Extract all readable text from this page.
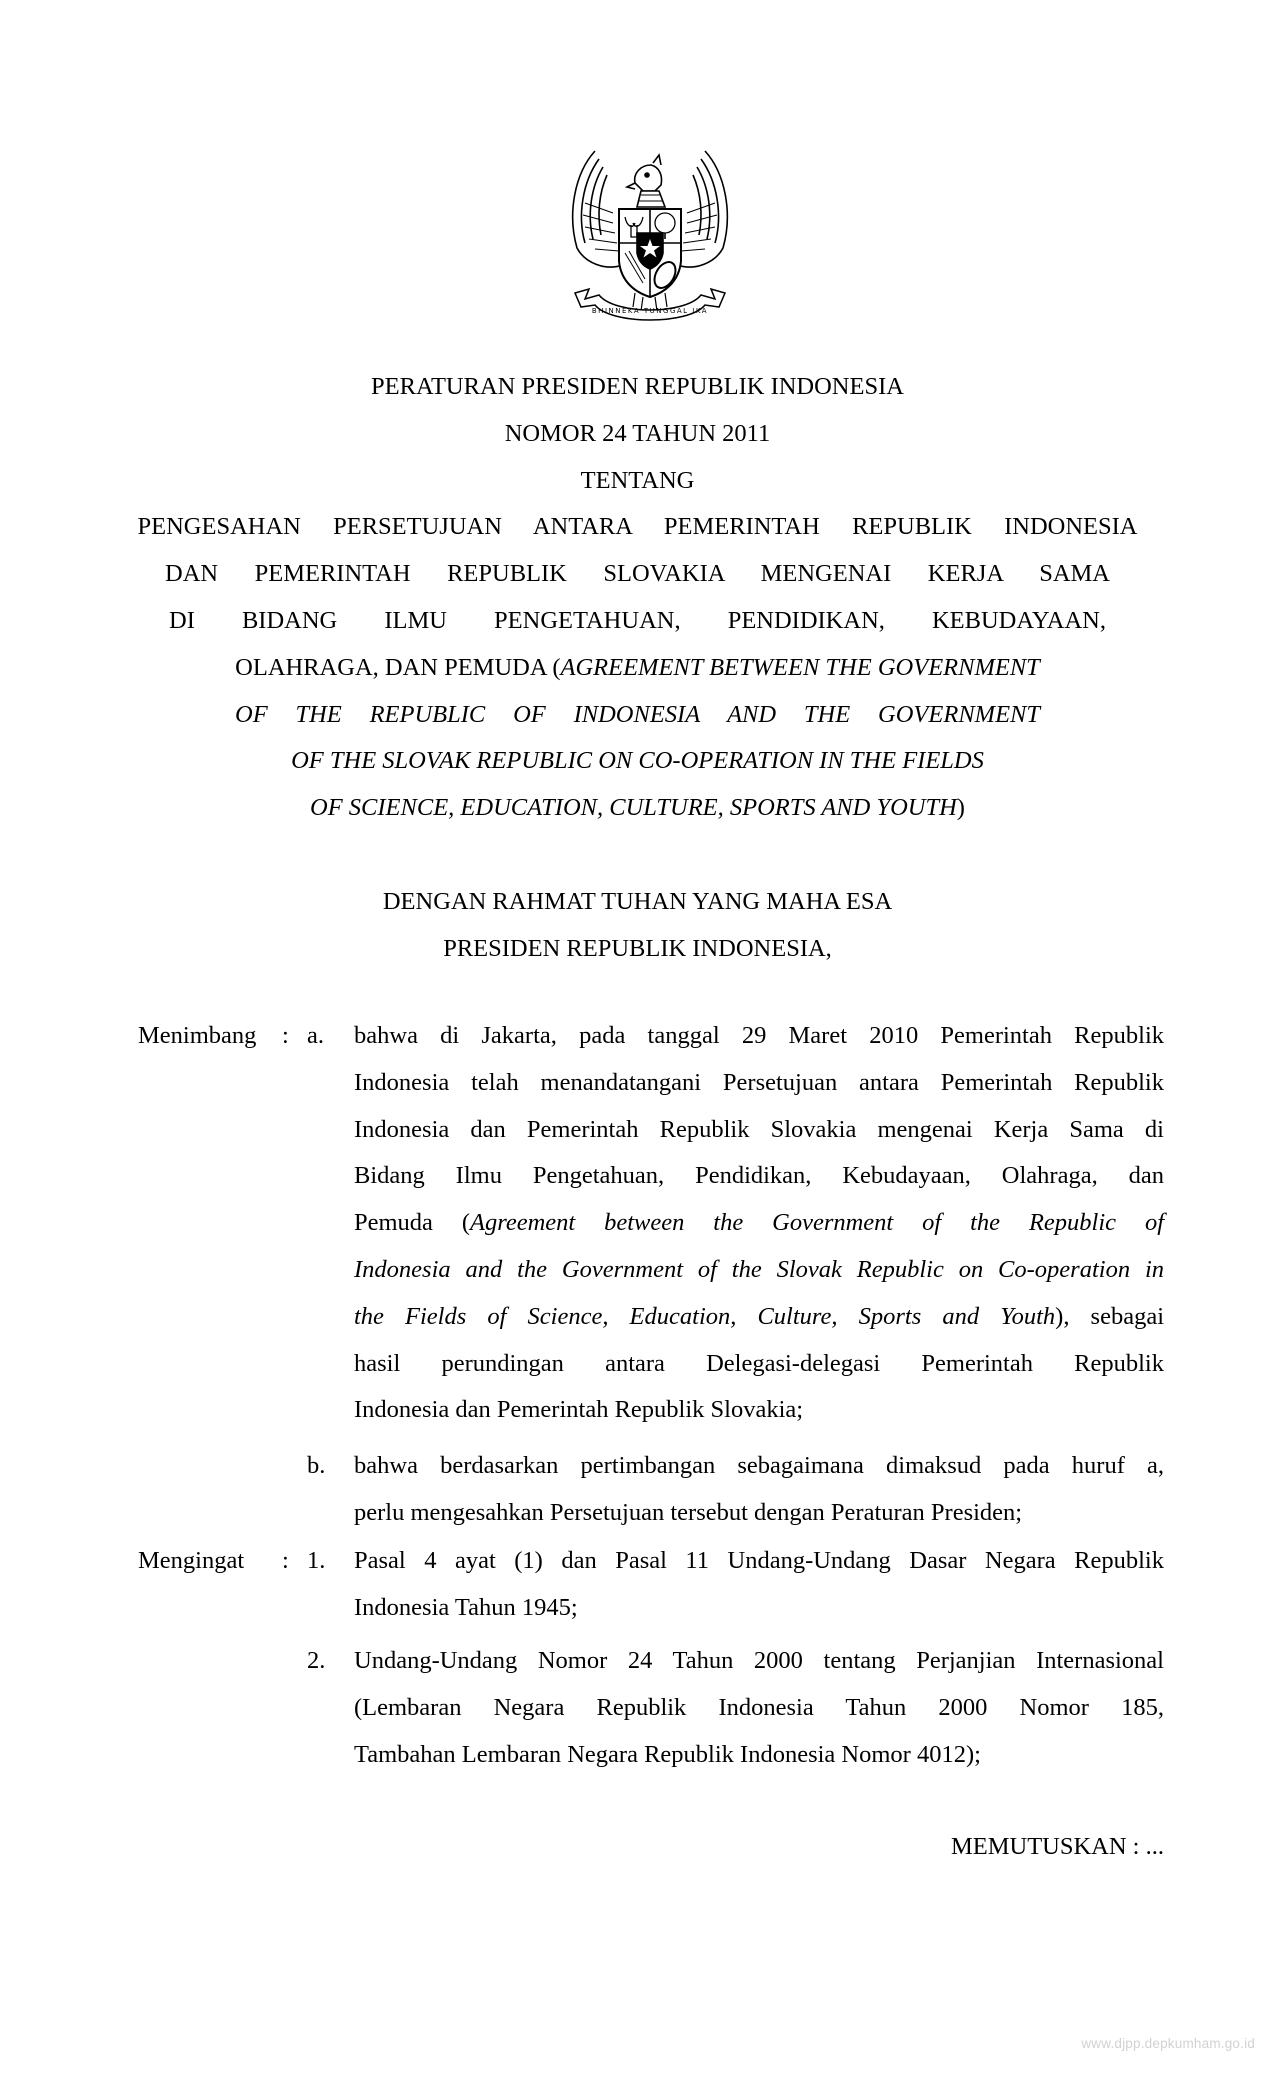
BHINNEKA TUNGGAL IKA
PERATURAN PRESIDEN REPUBLIK INDONESIA
NOMOR 24 TAHUN 2011
TENTANG
PENGESAHAN PERSETUJUAN ANTARA PEMERINTAH REPUBLIK INDONESIA
DAN PEMERINTAH REPUBLIK SLOVAKIA MENGENAI KERJA SAMA
DI BIDANG ILMU PENGETAHUAN, PENDIDIKAN, KEBUDAYAAN,
OLAHRAGA, DAN PEMUDA (AGREEMENT BETWEEN THE GOVERNMENT
OF THE REPUBLIC OF INDONESIA AND THE GOVERNMENT
OF THE SLOVAK REPUBLIC ON CO-OPERATION IN THE FIELDS
OF SCIENCE, EDUCATION, CULTURE, SPORTS AND YOUTH)
DENGAN RAHMAT TUHAN YANG MAHA ESA
PRESIDEN REPUBLIK INDONESIA,
Menimbang : a. bahwa di Jakarta, pada tanggal 29 Maret 2010 Pemerintah Republik
Indonesia telah menandatangani Persetujuan antara Pemerintah Republik
Indonesia dan Pemerintah Republik Slovakia mengenai Kerja Sama di
Bidang Ilmu Pengetahuan, Pendidikan, Kebudayaan, Olahraga, dan
Pemuda (Agreement between the Government of the Republic of
Indonesia and the Government of the Slovak Republic on Co-operation in
the Fields of Science, Education, Culture, Sports and Youth), sebagai
hasil perundingan antara Delegasi-delegasi Pemerintah Republik
Indonesia dan Pemerintah Republik Slovakia;
b. bahwa berdasarkan pertimbangan sebagaimana dimaksud pada huruf a,
perlu mengesahkan Persetujuan tersebut dengan Peraturan Presiden;
Mengingat : 1. Pasal 4 ayat (1) dan Pasal 11 Undang-Undang Dasar Negara Republik
Indonesia Tahun 1945;
2. Undang-Undang Nomor 24 Tahun 2000 tentang Perjanjian Internasional
(Lembaran Negara Republik Indonesia Tahun 2000 Nomor 185,
Tambahan Lembaran Negara Republik Indonesia Nomor 4012);
MEMUTUSKAN : ...
www.djpp.depkumham.go.id
